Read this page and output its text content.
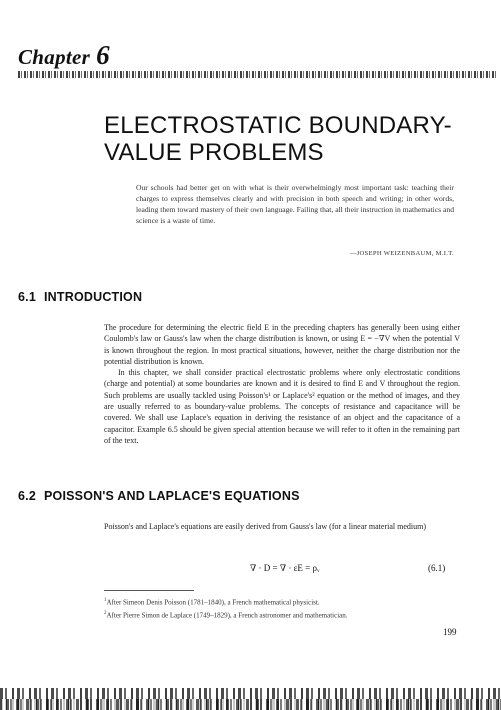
Chapter 6
ELECTROSTATIC BOUNDARY-
VALUE PROBLEMS
Our schools had better get on with what is their overwhelmingly most important task: teaching their charges to express themselves clearly and with precision in both speech and writing; in other words, leading them toward mastery of their own language. Failing that, all their instruction in mathematics and science is a waste of time.
—JOSEPH WEIZENBAUM, M.I.T.
6.1 INTRODUCTION

The procedure for determining the electric field E in the preceding chapters has generally been using either Coulomb's law or Gauss's law when the charge distribution is known, or using E = −∇V when the potential V is known throughout the region. In most practical situations, however, neither the charge distribution nor the potential distribution is known.

In this chapter, we shall consider practical electrostatic problems where only electrostatic conditions (charge and potential) at some boundaries are known and it is desired to find E and V throughout the region. Such problems are usually tackled using Poisson's¹ or Laplace's² equation or the method of images, and they are usually referred to as boundary-value problems. The concepts of resistance and capacitance will be covered. We shall use Laplace's equation in deriving the resistance of an object and the capacitance of a capacitor. Example 6.5 should be given special attention because we will refer to it often in the remaining part of the text.

6.2 POISSON'S AND LAPLACE'S EQUATIONS
Poisson's and Laplace's equations are easily derived from Gauss's law (for a linear material medium)
∇ · D = ∇ · εE = ρᵥ	(6.1)
$^1$After Simeon Denis Poisson (1781–1840), a French mathematical physicist.
$^2$After Pierre Simon de Laplace (1749–1829), a French astronomer and mathematician.
199
